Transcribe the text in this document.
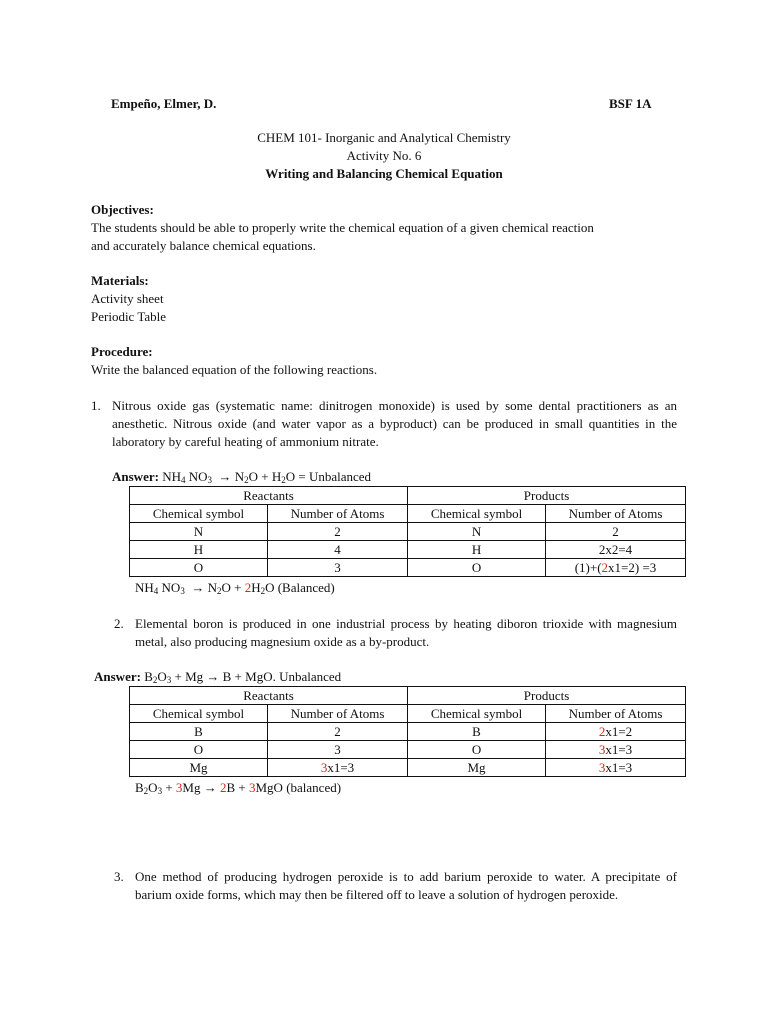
Empeño, Elmer, D.	BSF 1A
CHEM 101- Inorganic and Analytical Chemistry
Activity No. 6
Writing and Balancing Chemical Equation
Objectives:
The students should be able to properly write the chemical equation of a given chemical reaction
and accurately balance chemical equations.
Materials:
Activity sheet
Periodic Table
Procedure:
Write the balanced equation of the following reactions.
1. Nitrous oxide gas (systematic name: dinitrogen monoxide) is used by some dental practitioners as an anesthetic. Nitrous oxide (and water vapor as a byproduct) can be produced in small quantities in the laboratory by careful heating of ammonium nitrate.
Answer: $NH_4$ $NO_3 \to N_2O + H_2O$ = Unbalanced
Reactants		Products	
Chemical symbol	Number of Atoms	Chemical symbol	Number of Atoms
N	2	N	2
H	4	H	2x2=4
O	3	O	(1)+(2x1=2) =3
$NH_4$ $NO_3 \to N_2O + 2H_2O$ (Balanced)
2. Elemental boron is produced in one industrial process by heating diboron trioxide with magnesium metal, also producing magnesium oxide as a by-product.
Answer: $B_2O_3 + Mg \to B$ + MgO. Unbalanced
Reactants		Products	
Chemical symbol	Number of Atoms	Chemical symbol	Number of Atoms
B	2	B	2x1=2
O	3	O	3x1=3
Mg	3x1=3	Mg	3x1=3
$B_2O_3 + 3Mg \to 2B + 3MgO$ (balanced)
3. One method of producing hydrogen peroxide is to add barium peroxide to water. A precipitate of barium oxide forms, which may then be filtered off to leave a solution of hydrogen peroxide.
